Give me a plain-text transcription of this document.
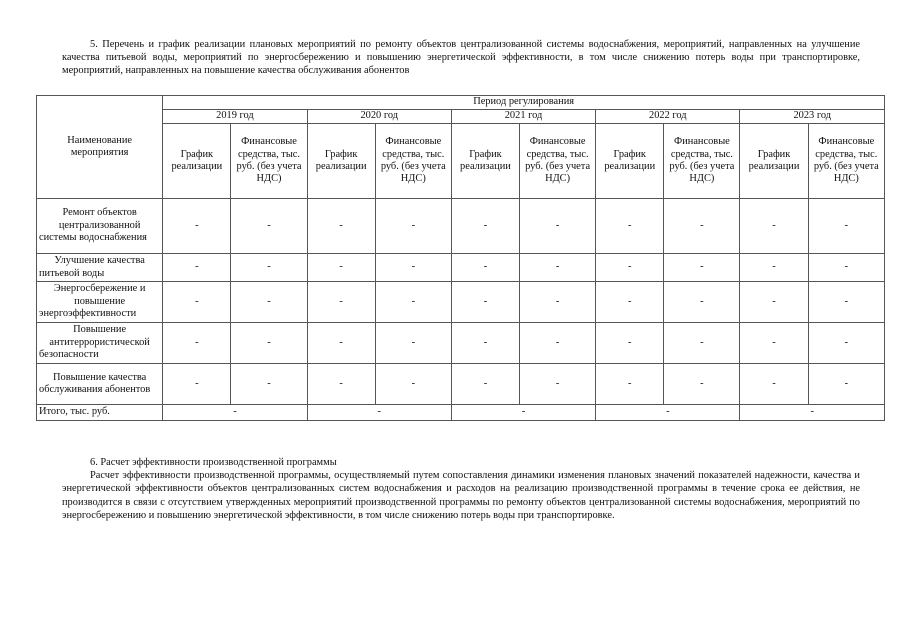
5. Перечень и график реализации плановых мероприятий по ремонту объектов централизованной системы водоснабжения, мероприятий, направленных на улучшение качества питьевой воды, мероприятий по энергосбережению и повышению энергетической эффективности, в том числе снижению потерь воды при транспортировке, мероприятий, направленных на повышение качества обслуживания абонентов

Наименование мероприятия	Период регулирования									
	2019 год		2020 год		2021 год		2022 год		2023 год	
	График реализации	Финансовые средства, тыс. руб. (без учета НДС)	График реализации	Финансовые средства, тыс. руб. (без учета НДС)	График реализации	Финансовые средства, тыс. руб. (без учета НДС)	График реализации	Финансовые средства, тыс. руб. (без учета НДС)	График реализации	Финансовые средства, тыс. руб. (без учета НДС)
Ремонт объектов централизованной системы водоснабжения	-	-	-	-	-	-	-	-	-	-
Улучшение качества питьевой воды	-	-	-	-	-	-	-	-	-	-
Энергосбережение и повышение энергоэффективности	-	-	-	-	-	-	-	-	-	-
Повышение антитеррористической безопасности	-	-	-	-	-	-	-	-	-	-
Повышение качества обслуживания абонентов	-	-	-	-	-	-	-	-	-	-
Итого, тыс. руб.	-		-		-		-		-	

6. Расчет эффективности производственной программы
Расчет эффективности производственной программы, осуществляемый путем сопоставления динамики изменения плановых значений показателей надежности, качества и энергетической эффективности объектов централизованных систем водоснабжения и расходов на реализацию производственной программы в течение срока ее действия, не производится в связи с отсутствием утвержденных мероприятий производственной программы по ремонту объектов централизованной системы водоснабжения, мероприятий по энергосбережению и повышению энергетической эффективности, в том числе снижению потерь воды при транспортировке.
